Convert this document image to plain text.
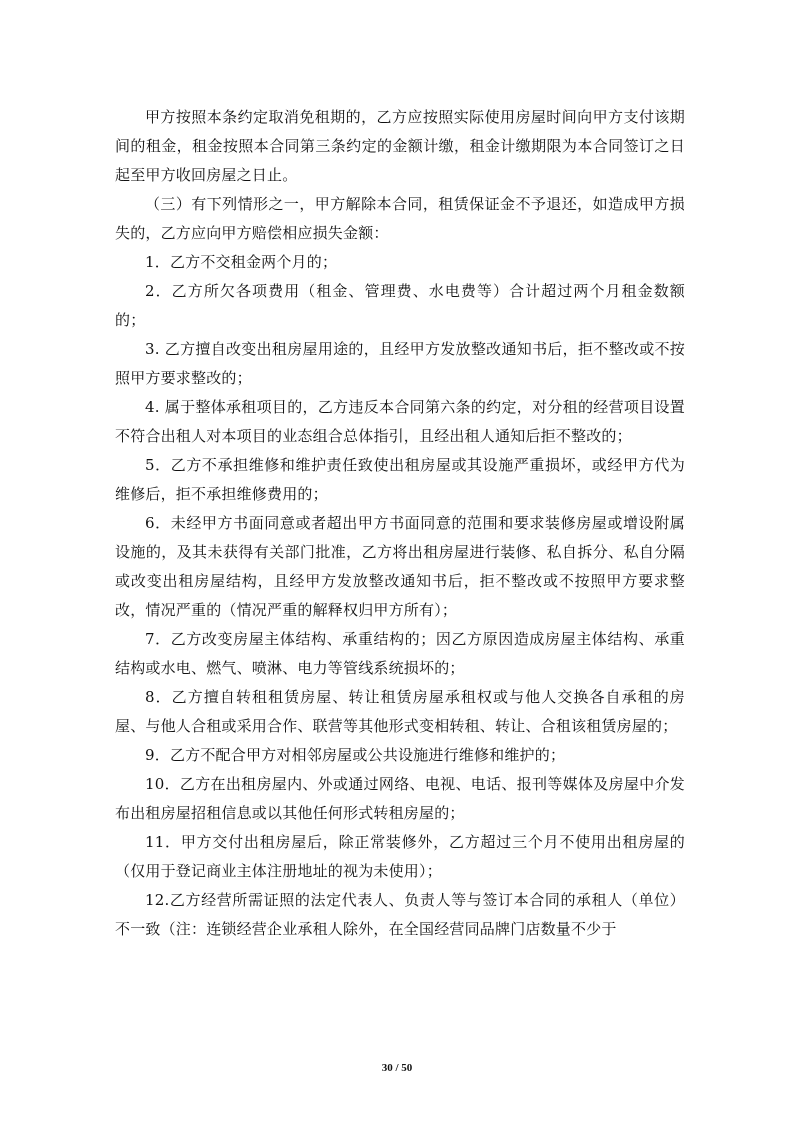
甲方按照本条约定取消免租期的，乙方应按照实际使用房屋时间向甲方支付该期间的租金，租金按照本合同第三条约定的金额计缴，租金计缴期限为本合同签订之日起至甲方收回房屋之日止。

（三）有下列情形之一，甲方解除本合同，租赁保证金不予退还，如造成甲方损失的，乙方应向甲方赔偿相应损失金额：

1．乙方不交租金两个月的；

2．乙方所欠各项费用（租金、管理费、水电费等）合计超过两个月租金数额的；

3. 乙方擅自改变出租房屋用途的，且经甲方发放整改通知书后，拒不整改或不按照甲方要求整改的；

4. 属于整体承租项目的，乙方违反本合同第六条的约定，对分租的经营项目设置不符合出租人对本项目的业态组合总体指引，且经出租人通知后拒不整改的；

5．乙方不承担维修和维护责任致使出租房屋或其设施严重损坏，或经甲方代为维修后，拒不承担维修费用的；

6．未经甲方书面同意或者超出甲方书面同意的范围和要求装修房屋或增设附属设施的，及其未获得有关部门批准，乙方将出租房屋进行装修、私自拆分、私自分隔或改变出租房屋结构，且经甲方发放整改通知书后，拒不整改或不按照甲方要求整改，情况严重的（情况严重的解释权归甲方所有）；

7．乙方改变房屋主体结构、承重结构的；因乙方原因造成房屋主体结构、承重结构或水电、燃气、喷淋、电力等管线系统损坏的；

8．乙方擅自转租租赁房屋、转让租赁房屋承租权或与他人交换各自承租的房屋、与他人合租或采用合作、联营等其他形式变相转租、转让、合租该租赁房屋的；

9．乙方不配合甲方对相邻房屋或公共设施进行维修和维护的；

10．乙方在出租房屋内、外或通过网络、电视、电话、报刊等媒体及房屋中介发布出租房屋招租信息或以其他任何形式转租房屋的；

11．甲方交付出租房屋后，除正常装修外，乙方超过三个月不使用出租房屋的（仅用于登记商业主体注册地址的视为未使用）；

12.乙方经营所需证照的法定代表人、负责人等与签订本合同的承租人（单位）不一致（注：连锁经营企业承租人除外，在全国经营同品牌门店数量不少于

30 / 50
